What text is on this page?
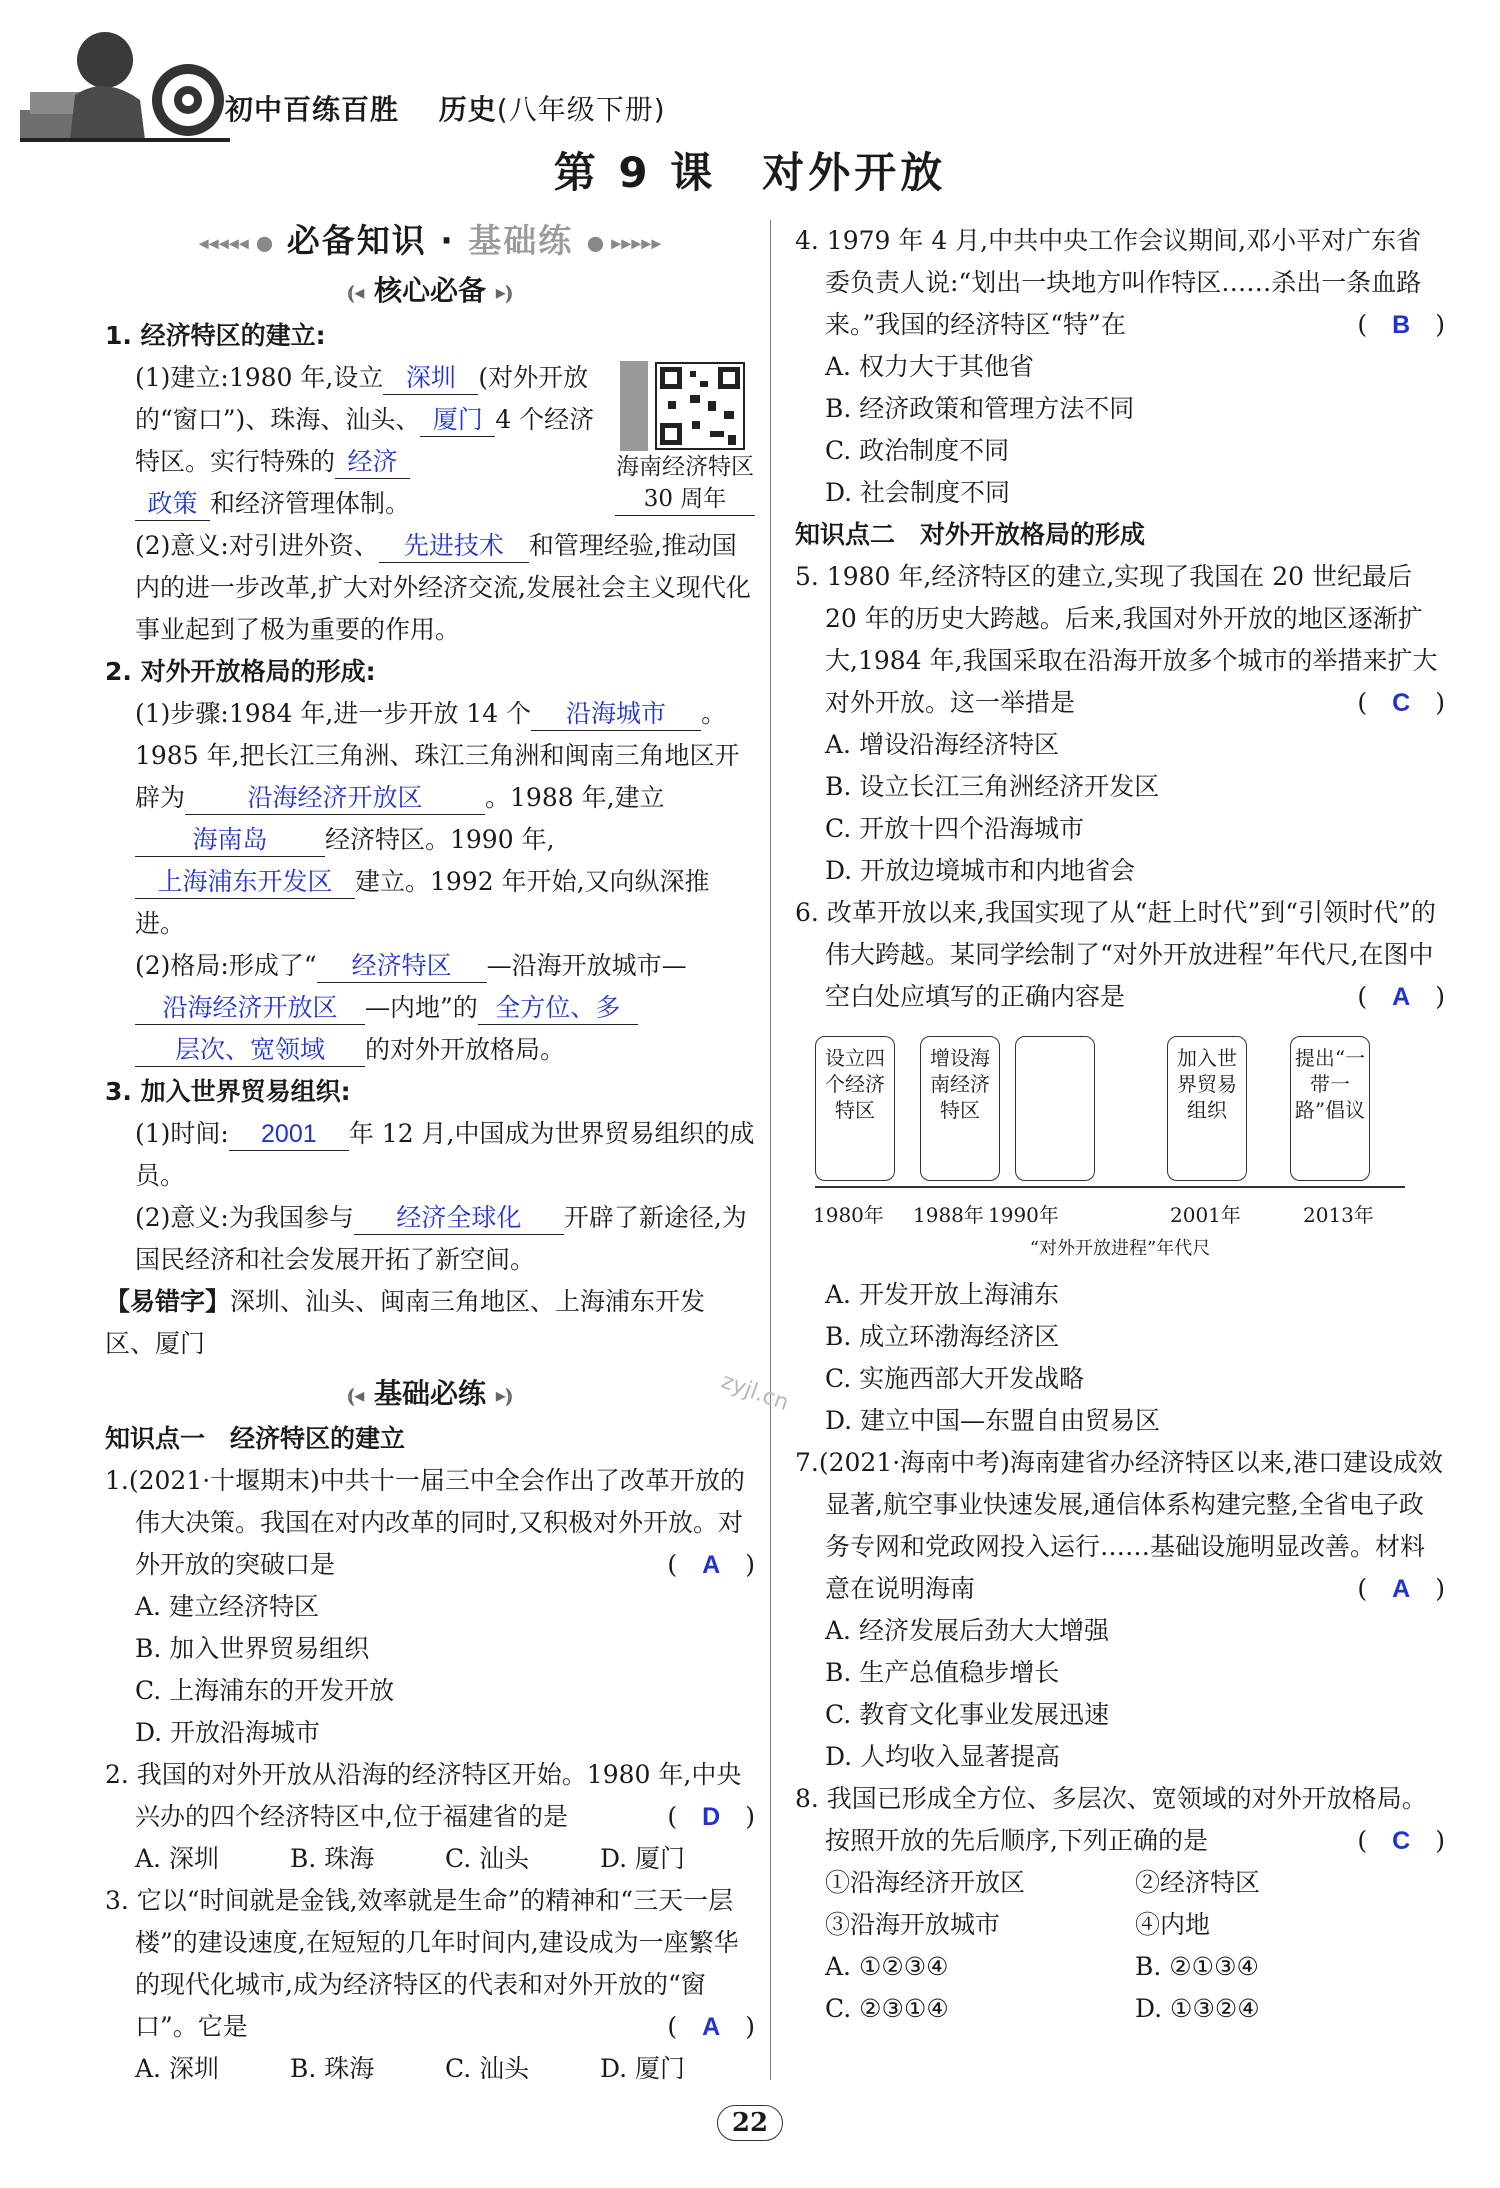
初中百练百胜　 历史(八年级下册)
第 9 课　对外开放
◂◂◂◂◂ ● 必备知识 · 基础练 ● ▸▸▸▸▸
⦅◂ 核心必备 ▸⦆

1. 经济特区的建立:

海南经济特区 30 周年

(1)建立:1980 年,设立 深圳 (对外开放的“窗口”)、珠海、汕头、 厦门 4 个经济特区。实行特殊的 经济
政策 和经济管理体制。

(2)意义:对引进外资、 先进技术 和管理经验,推动国内的进一步改革,扩大对外经济交流,发展社会主义现代化事业起到了极为重要的作用。

2. 对外开放格局的形成:

(1)步骤:1984 年,进一步开放 14 个 沿海城市 。1985 年,把长江三角洲、珠江三角洲和闽南三角地区开辟为 沿海经济开放区	。1988 年,建立海南岛 经济特区。1990 年,上海浦东开发区 建立。1992 年开始,又向纵深推进。

(2)格局:形成了“ 经济特区 —沿海开放城市—沿海经济开放区 —内地”的 全方位、多
层次、宽领域 的对外开放格局。

3. 加入世界贸易组织:

(1)时间: 2001 年 12 月,中国成为世界贸易组织的成员。

(2)意义:为我国参与 经济全球化 开辟了新途径,为国民经济和社会发展开拓了新空间。

【易错字】深圳、汕头、闽南三角地区、上海浦东开发区、厦门

⦅◂ 基础必练 ▸⦆

知识点一　经济特区的建立

1.(2021·十堰期末)中共十一届三中全会作出了改革开放的伟大决策。我国在对内改革的同时,又积极对外开放。对外开放的突破口是	(　A　)

A. 建立经济特区

B. 加入世界贸易组织

C. 上海浦东的开发开放

D. 开放沿海城市

2. 我国的对外开放从沿海的经济特区开始。1980 年,中央兴办的四个经济特区中,位于福建省的是	(　D　)

A. 深圳	B. 珠海	C. 汕头	D. 厦门

3. 它以“时间就是金钱,效率就是生命”的精神和“三天一层楼”的建设速度,在短短的几年时间内,建设成为一座繁华的现代化城市,成为经济特区的代表和对外开放的“窗口”。它是	(　A　)

A. 深圳	B. 珠海	C. 汕头	D. 厦门

4. 1979 年 4 月,中共中央工作会议期间,邓小平对广东省委负责人说:“划出一块地方叫作特区……杀出一条血路来。”我国的经济特区“特”在	(　B　)

A. 权力大于其他省

B. 经济政策和管理方法不同

C. 政治制度不同

D. 社会制度不同

知识点二　对外开放格局的形成

5. 1980 年,经济特区的建立,实现了我国在 20 世纪最后 20 年的历史大跨越。后来,我国对外开放的地区逐渐扩大,1984 年,我国采取在沿海开放多个城市的举措来扩大对外开放。这一举措是	(　C　)

A. 增设沿海经济特区

B. 设立长江三角洲经济开发区

C. 开放十四个沿海城市

D. 开放边境城市和内地省会

6. 改革开放以来,我国实现了从“赶上时代”到“引领时代”的伟大跨越。某同学绘制了“对外开放进程”年代尺,在图中空白处应填写的正确内容是	(　A　)

设立四个经济特区
增设海南经济特区
加入世界贸易组织
提出“一带一路”倡议
1980年 1988年 1990年	2001年	2013年
“对外开放进程”年代尺

A. 开发开放上海浦东

B. 成立环渤海经济区

C. 实施西部大开发战略

D. 建立中国—东盟自由贸易区

7.(2021·海南中考)海南建省办经济特区以来,港口建设成效显著,航空事业快速发展,通信体系构建完整,全省电子政务专网和党政网投入运行……基础设施明显改善。材料意在说明海南	(　A　)

A. 经济发展后劲大大增强

B. 生产总值稳步增长

C. 教育文化事业发展迅速

D. 人均收入显著提高

8. 我国已形成全方位、多层次、宽领域的对外开放格局。按照开放的先后顺序,下列正确的是	(　C　)

①沿海经济开放区	②经济特区
③沿海开放城市	④内地
A. ①②③④	B. ②①③④
C. ②③①④	D. ①③②④
zyjl.cn
22
